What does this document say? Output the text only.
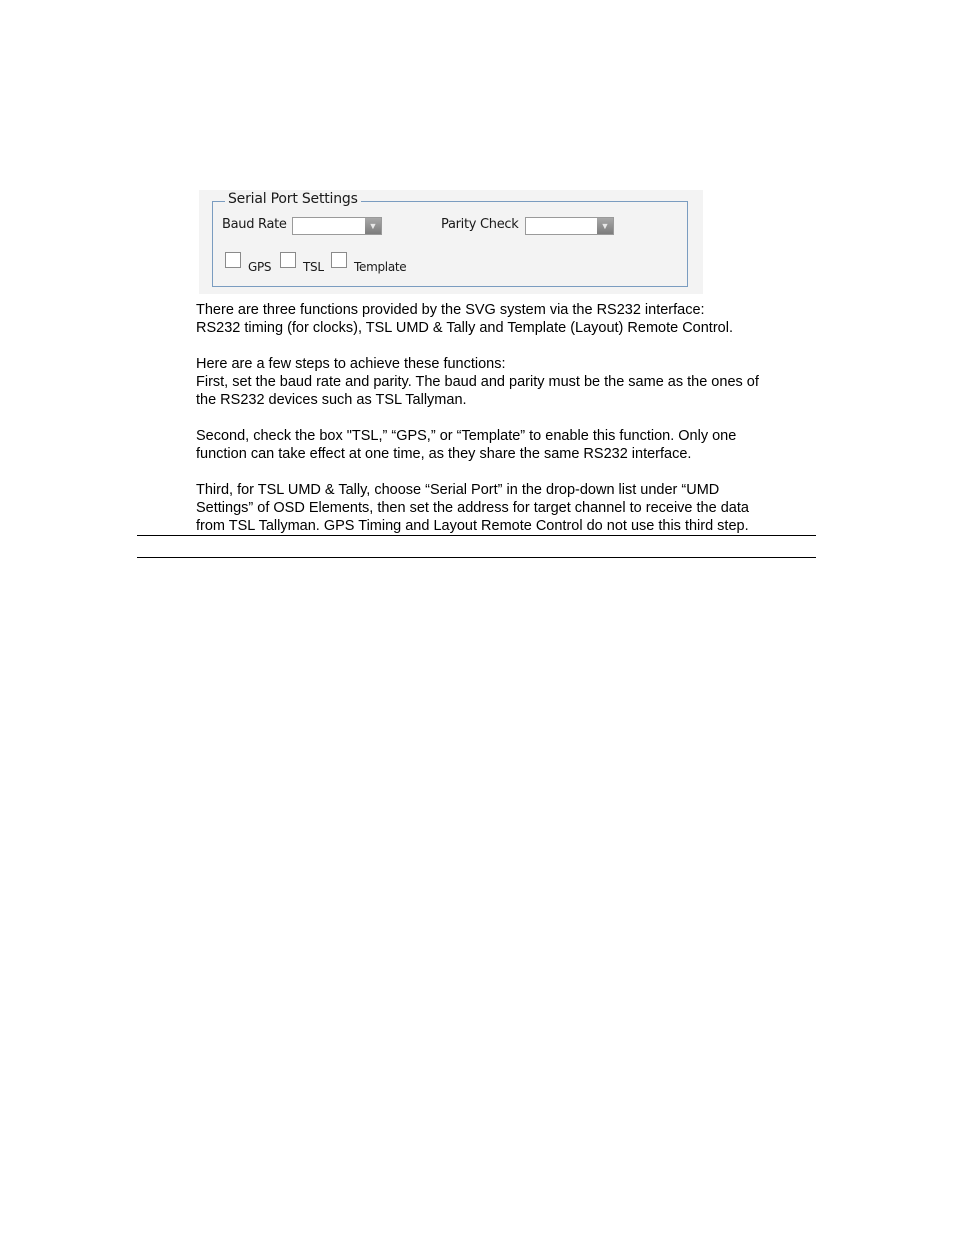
Serial Port Settings
Baud Rate	▼	Parity Check	▼
GPS	TSL	Template
There are three functions provided by the SVG system via the RS232 interface:
RS232 timing (for clocks), TSL UMD & Tally and Template (Layout) Remote Control.
Here are a few steps to achieve these functions:
First, set the baud rate and parity. The baud and parity must be the same as the ones of
the RS232 devices such as TSL Tallyman.
Second, check the box "TSL,” “GPS,” or “Template” to enable this function. Only one
function can take effect at one time, as they share the same RS232 interface.
Third, for TSL UMD & Tally, choose “Serial Port” in the drop-down list under “UMD
Settings” of OSD Elements, then set the address for target channel to receive the data
from TSL Tallyman. GPS Timing and Layout Remote Control do not use this third step.
